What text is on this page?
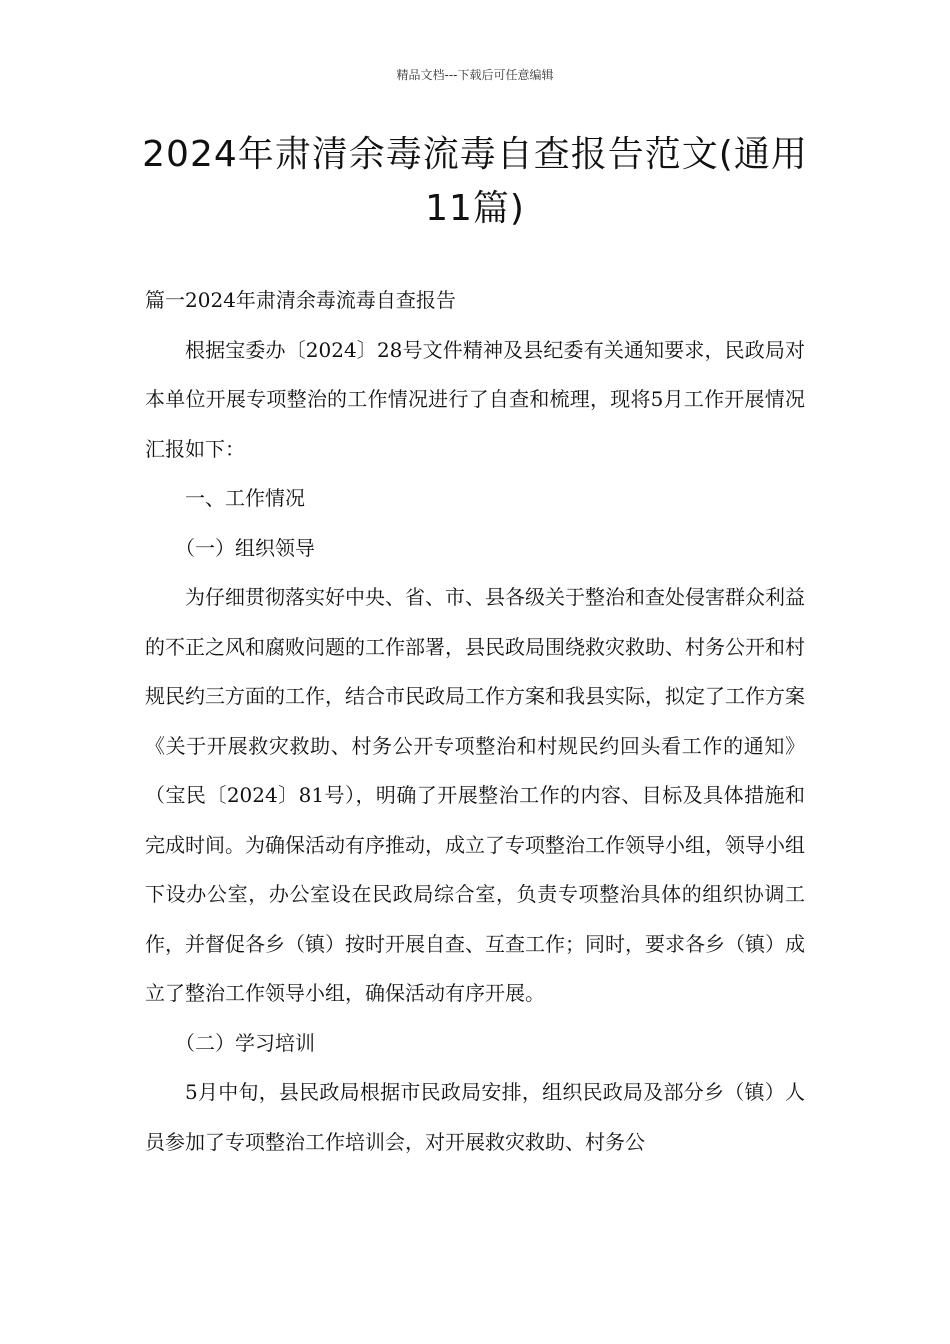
精品文档---下载后可任意编辑
2024年肃清余毒流毒自查报告范文(通用11篇)

篇一2024年肃清余毒流毒自查报告

根据宝委办〔2024〕28号文件精神及县纪委有关通知要求，民政局对本单位开展专项整治的工作情况进行了自查和梳理，现将5月工作开展情况汇报如下：

一、工作情况

（一）组织领导

为仔细贯彻落实好中央、省、市、县各级关于整治和查处侵害群众利益的不正之风和腐败问题的工作部署，县民政局围绕救灾救助、村务公开和村规民约三方面的工作，结合市民政局工作方案和我县实际，拟定了工作方案《关于开展救灾救助、村务公开专项整治和村规民约回头看工作的通知》（宝民〔2024〕81号），明确了开展整治工作的内容、目标及具体措施和完成时间。为确保活动有序推动，成立了专项整治工作领导小组，领导小组下设办公室，办公室设在民政局综合室，负责专项整治具体的组织协调工作，并督促各乡（镇）按时开展自查、互查工作；同时，要求各乡（镇）成立了整治工作领导小组，确保活动有序开展。

（二）学习培训

5月中旬，县民政局根据市民政局安排，组织民政局及部分乡（镇）人员参加了专项整治工作培训会，对开展救灾救助、村务公
